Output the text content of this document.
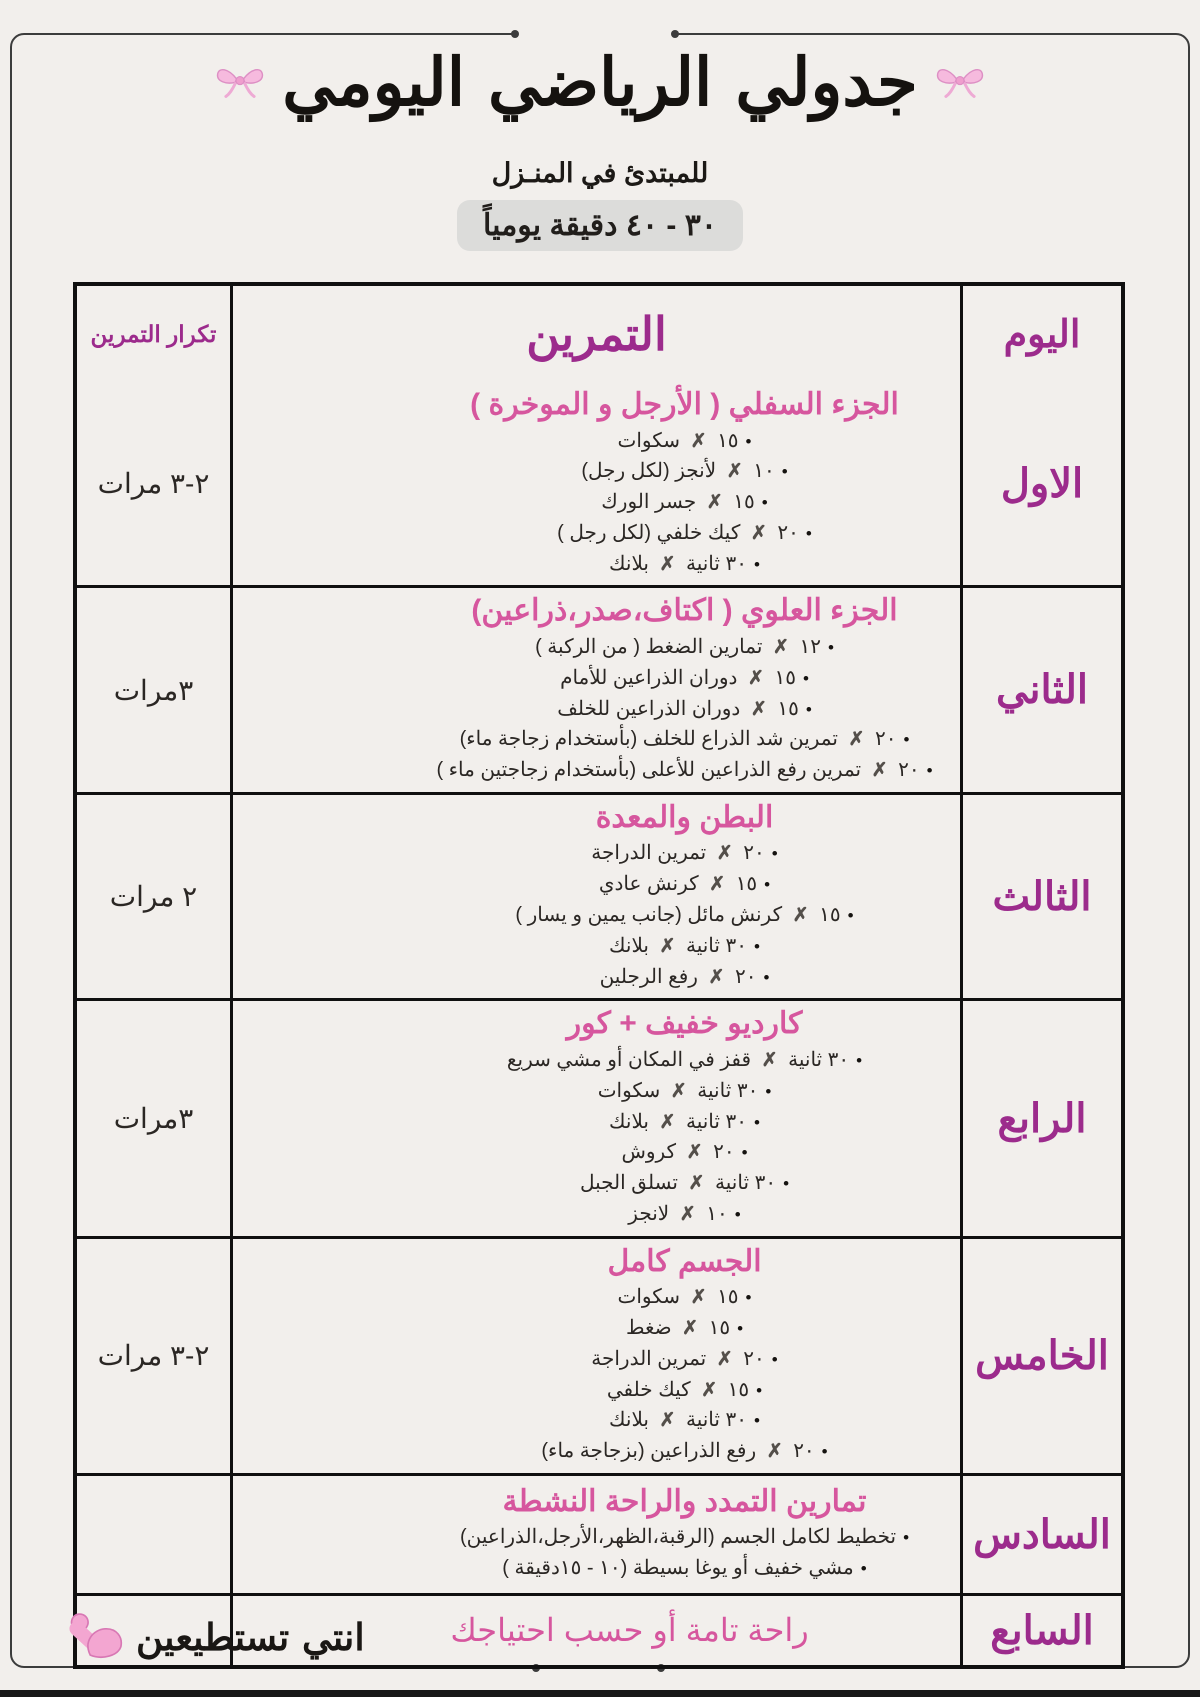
جدولي الرياضي اليومي
للمبتدئ في المنـزل
٣٠ - ٤٠ دقيقة يومياً
اليوم
التمرين
تكرار التمرين
الاول
الجزء السفلي ( الأرجل و الموخرة )
•١٥ ✗ سكوات
•١٠ ✗ لأنجز (لكل رجل)
•١٥ ✗ جسر الورك
•٢٠ ✗ كيك خلفي (لكل رجل )
•٣٠ ثانية ✗ بلانك
٢-٣ مرات
الثاني
الجزء العلوي ( اكتاف،صدر،ذراعين)
•١٢ ✗ تمارين الضغط ( من الركبة )
•١٥ ✗ دوران الذراعين للأمام
•١٥ ✗ دوران الذراعين للخلف
•٢٠ ✗ تمرين شد الذراع للخلف (بأستخدام زجاجة ماء)
•٢٠ ✗ تمرين رفع الذراعين للأعلى (بأستخدام زجاجتين ماء )
٣مرات
الثالث
البطن والمعدة
•٢٠ ✗ تمرين الدراجة
•١٥ ✗ كرنش عادي
•١٥ ✗ كرنش مائل (جانب يمين و يسار )
•٣٠ ثانية ✗ بلانك
•٢٠ ✗ رفع الرجلين
٢ مرات
الرابع
كارديو خفيف + كور
•٣٠ ثانية ✗ قفز في المكان أو مشي سريع
•٣٠ ثانية ✗ سكوات
•٣٠ ثانية ✗ بلانك
•٢٠ ✗ كروش
•٣٠ ثانية ✗ تسلق الجبل
•١٠ ✗ لانجز
٣مرات
الخامس
الجسم كامل
•١٥ ✗ سكوات
•١٥ ✗ ضغط
•٢٠ ✗ تمرين الدراجة
•١٥ ✗ كيك خلفي
•٣٠ ثانية ✗ بلانك
•٢٠ ✗ رفع الذراعين (بزجاجة ماء)
٢-٣ مرات
السادس
تمارين التمدد والراحة النشطة
•تخطيط لكامل الجسم (الرقبة،الظهر،الأرجل،الذراعين)
•مشي خفيف أو يوغا بسيطة (١٠ - ١٥دقيقة )
السابع
راحة تامة أو حسب احتياجك
انتي تستطيعين
